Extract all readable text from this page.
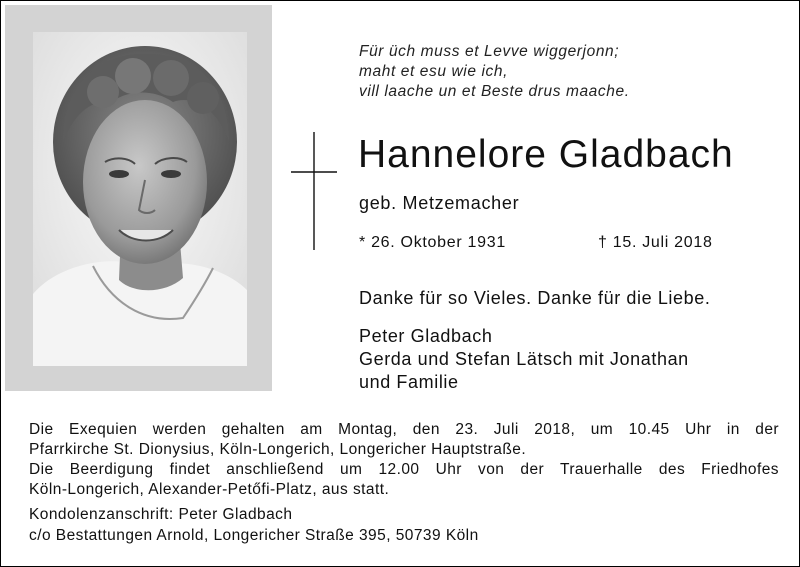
Für üch muss et Levve wiggerjonn;
maht et esu wie ich,
vill laache un et Beste drus maache.
Hannelore Gladbach
geb. Metzemacher
* 26. Oktober 1931	† 15. Juli 2018
Danke für so Vieles. Danke für die Liebe.
Peter Gladbach
Gerda und Stefan Lätsch mit Jonathan
und Familie
Die Exequien werden gehalten am Montag, den 23. Juli 2018, um 10.45 Uhr in der
Pfarrkirche St. Dionysius, Köln-Longerich, Longericher Hauptstraße.
Die Beerdigung findet anschließend um 12.00 Uhr von der Trauerhalle des Friedhofes
Köln-Longerich, Alexander-Petőfi-Platz, aus statt.
Kondolenzanschrift: Peter Gladbach
c/o Bestattungen Arnold, Longericher Straße 395, 50739 Köln
